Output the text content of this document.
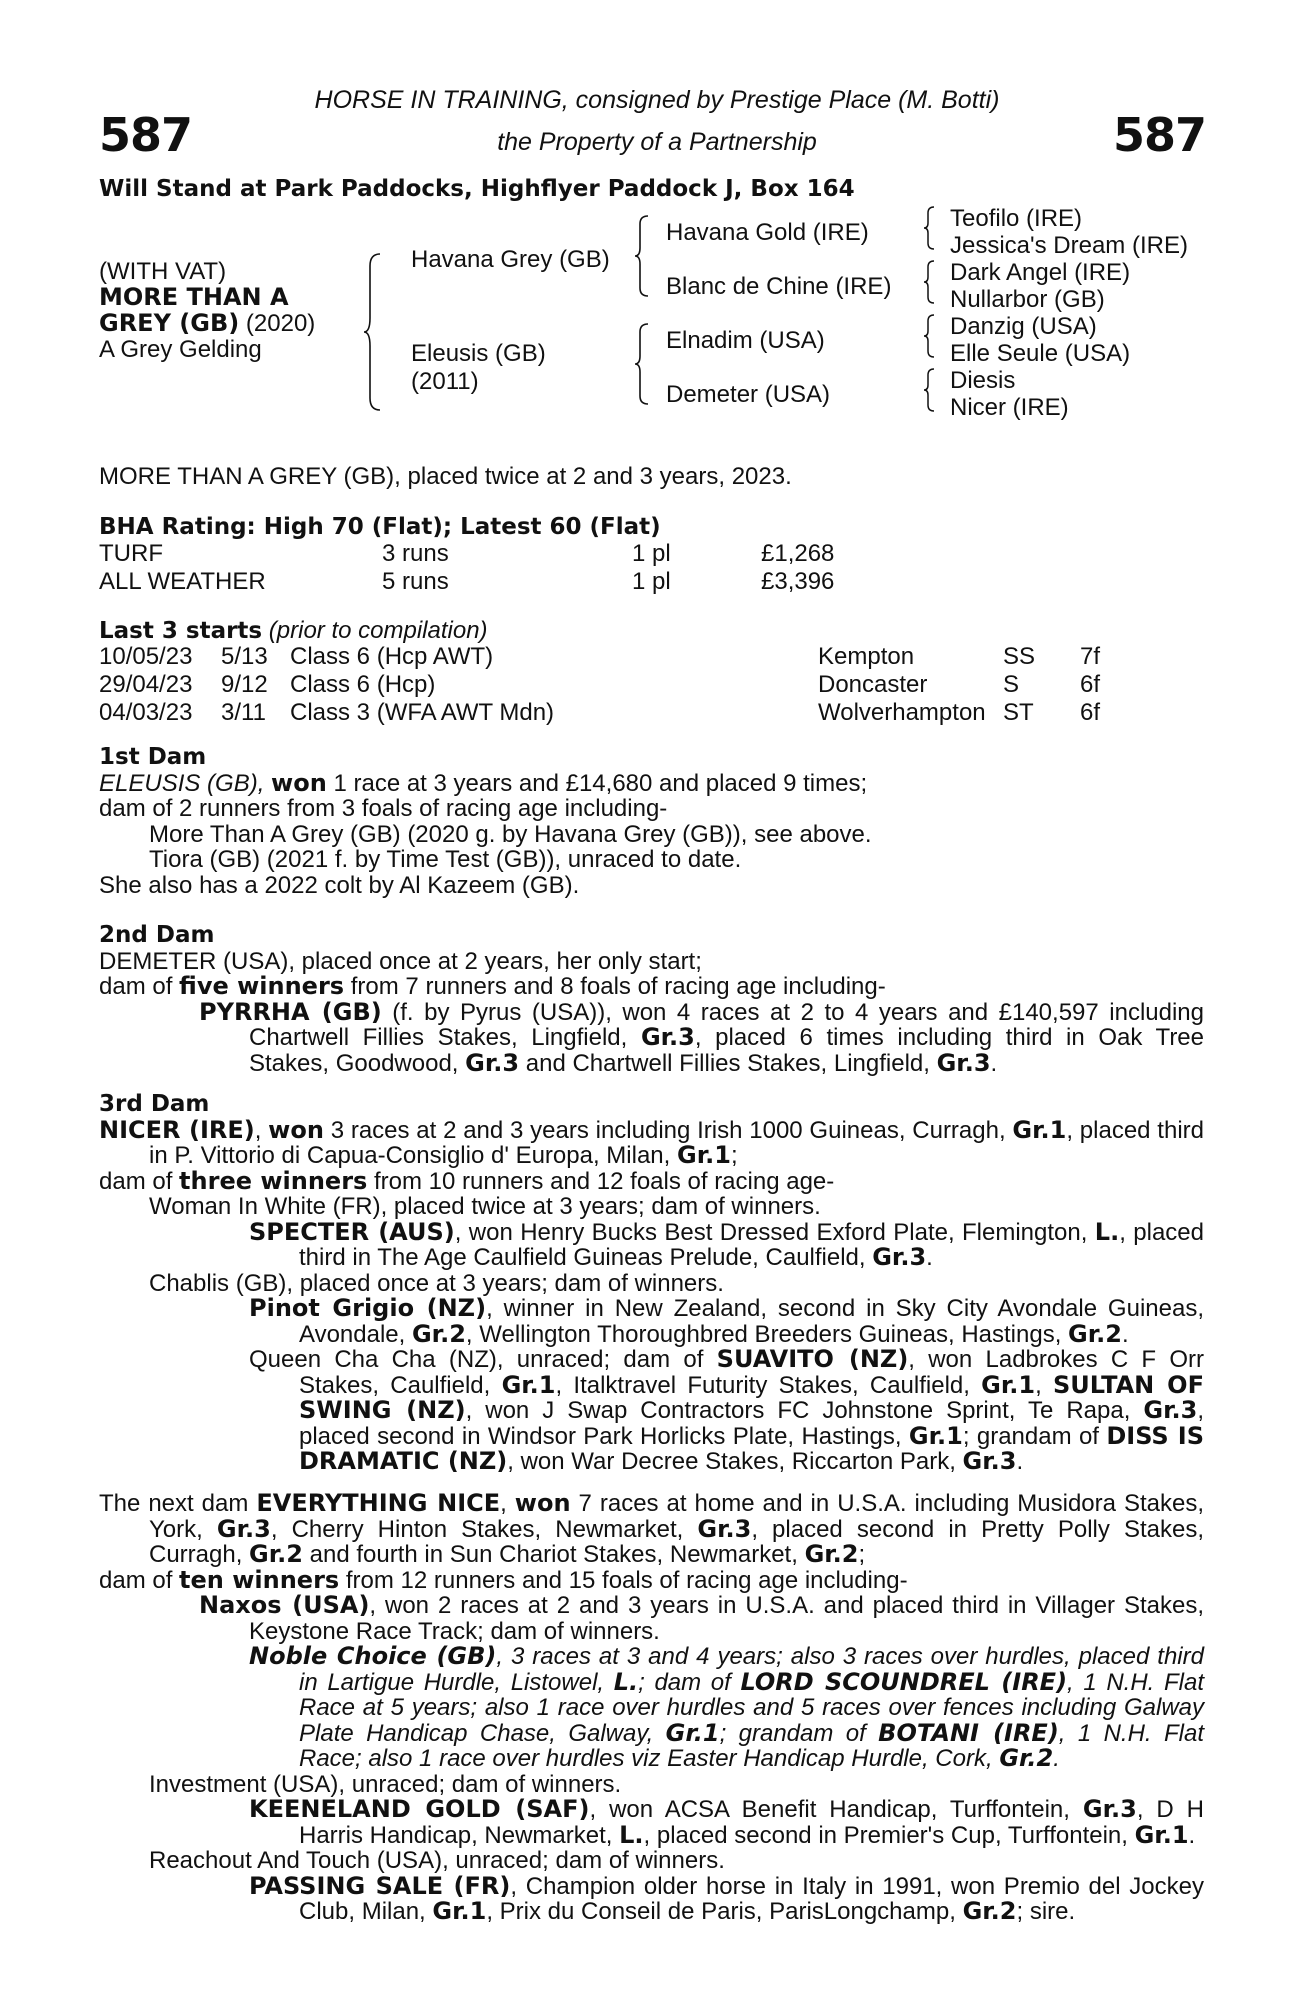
587	587
HORSE IN TRAINING, consigned by Prestige Place (M. Botti)
the Property of a Partnership
Will Stand at Park Paddocks, Highflyer Paddock J, Box 164
(WITH VAT)
MORE THAN A
GREY (GB) (2020)
A Grey Gelding
Havana Grey (GB)
Eleusis (GB)
(2011)
Havana Gold (IRE)
Blanc de Chine (IRE)
Elnadim (USA)
Demeter (USA)
Teofilo (IRE)
Jessica's Dream (IRE)
Dark Angel (IRE)
Nullarbor (GB)
Danzig (USA)
Elle Seule (USA)
Diesis
Nicer (IRE)
MORE THAN A GREY (GB), placed twice at 2 and 3 years, 2023.
BHA Rating: High 70 (Flat); Latest 60 (Flat)
TURF	3 runs	1 pl	£1,268
ALL WEATHER	5 runs	1 pl	£3,396
Last 3 starts (prior to compilation)
10/05/23	5/13	Class 6 (Hcp AWT)	Kempton	SS	7f
29/04/23	9/12	Class 6 (Hcp)	Doncaster	S	6f
04/03/23	3/11	Class 3 (WFA AWT Mdn)	Wolverhampton	ST	6f

1st Dam

ELEUSIS (GB), won 1 race at 3 years and £14,680 and placed 9 times;

dam of 2 runners from 3 foals of racing age including-

More Than A Grey (GB) (2020 g. by Havana Grey (GB)), see above.

Tiora (GB) (2021 f. by Time Test (GB)), unraced to date.

She also has a 2022 colt by Al Kazeem (GB).

2nd Dam

DEMETER (USA), placed once at 2 years, her only start;

dam of five winners from 7 runners and 8 foals of racing age including-

PYRRHA (GB) (f. by Pyrus (USA)), won 4 races at 2 to 4 years and £140,597 including Chartwell Fillies Stakes, Lingfield, Gr.3, placed 6 times including third in Oak Tree Stakes, Goodwood, Gr.3 and Chartwell Fillies Stakes, Lingfield, Gr.3.

3rd Dam

NICER (IRE), won 3 races at 2 and 3 years including Irish 1000 Guineas, Curragh, Gr.1, placed third in P. Vittorio di Capua-Consiglio d' Europa, Milan, Gr.1;

dam of three winners from 10 runners and 12 foals of racing age-

Woman In White (FR), placed twice at 3 years; dam of winners.

SPECTER (AUS), won Henry Bucks Best Dressed Exford Plate, Flemington, L., placed third in The Age Caulfield Guineas Prelude, Caulfield, Gr.3.

Chablis (GB), placed once at 3 years; dam of winners.

Pinot Grigio (NZ), winner in New Zealand, second in Sky City Avondale Guineas, Avondale, Gr.2, Wellington Thoroughbred Breeders Guineas, Hastings, Gr.2.

Queen Cha Cha (NZ), unraced; dam of SUAVITO (NZ), won Ladbrokes C F Orr Stakes, Caulfield, Gr.1, Italktravel Futurity Stakes, Caulfield, Gr.1, SULTAN OF SWING (NZ), won J Swap Contractors FC Johnstone Sprint, Te Rapa, Gr.3, placed second in Windsor Park Horlicks Plate, Hastings, Gr.1; grandam of DISS IS DRAMATIC (NZ), won War Decree Stakes, Riccarton Park, Gr.3.

The next dam EVERYTHING NICE, won 7 races at home and in U.S.A. including Musidora Stakes, York, Gr.3, Cherry Hinton Stakes, Newmarket, Gr.3, placed second in Pretty Polly Stakes, Curragh, Gr.2 and fourth in Sun Chariot Stakes, Newmarket, Gr.2;

dam of ten winners from 12 runners and 15 foals of racing age including-

Naxos (USA), won 2 races at 2 and 3 years in U.S.A. and placed third in Villager Stakes, Keystone Race Track; dam of winners.

Noble Choice (GB), 3 races at 3 and 4 years; also 3 races over hurdles, placed third in Lartigue Hurdle, Listowel, L.; dam of LORD SCOUNDREL (IRE), 1 N.H. Flat Race at 5 years; also 1 race over hurdles and 5 races over fences including Galway Plate Handicap Chase, Galway, Gr.1; grandam of BOTANI (IRE), 1 N.H. Flat Race; also 1 race over hurdles viz Easter Handicap Hurdle, Cork, Gr.2.

Investment (USA), unraced; dam of winners.

KEENELAND GOLD (SAF), won ACSA Benefit Handicap, Turffontein, Gr.3, D H Harris Handicap, Newmarket, L., placed second in Premier's Cup, Turffontein, Gr.1.

Reachout And Touch (USA), unraced; dam of winners.

PASSING SALE (FR), Champion older horse in Italy in 1991, won Premio del Jockey Club, Milan, Gr.1, Prix du Conseil de Paris, ParisLongchamp, Gr.2; sire.
